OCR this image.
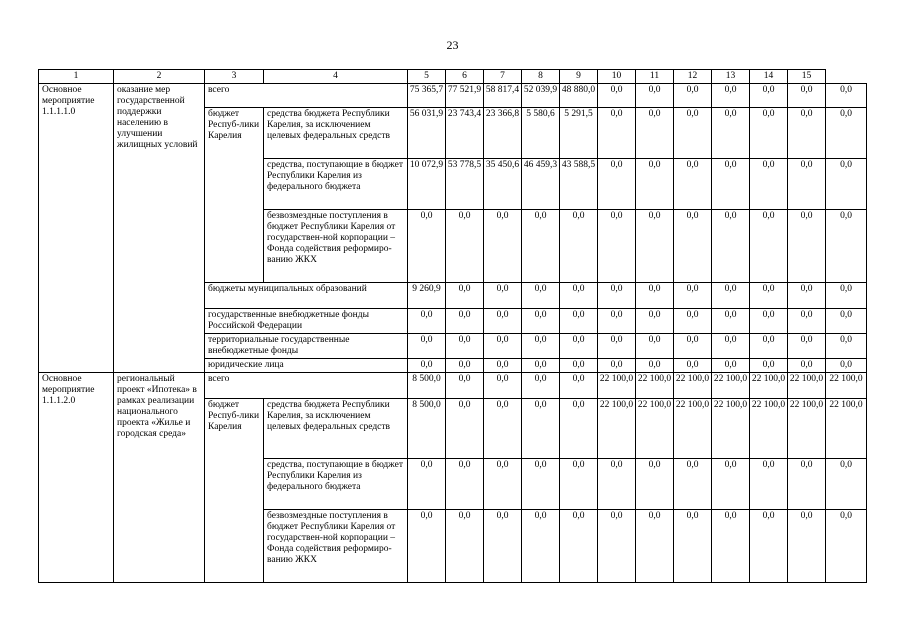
23
1	2	3	4	5	6	7	8	9	10	11	12	13	14	15	
Основное мероприятие 1.1.1.1.0	оказание мер государственной поддержки населению в улучшении жилищных условий	всего		75 365,7	77 521,9	58 817,4	52 039,9	48 880,0	0,0	0,0	0,0	0,0	0,0	0,0	0,0
		бюджет Респуб-лики Карелия	средства бюджета Республики Карелия, за исключением целевых федеральных средств	56 031,9	23 743,4	23 366,8	5 580,6	5 291,5	0,0	0,0	0,0	0,0	0,0	0,0	0,0
			средства, поступающие в бюджет Республики Карелия из федерального бюджета	10 072,9	53 778,5	35 450,6	46 459,3	43 588,5	0,0	0,0	0,0	0,0	0,0	0,0	0,0
			безвозмездные поступления в бюджет Республики Карелия от государствен-ной корпорации – Фонда содействия реформиро-ванию ЖКХ	0,0	0,0	0,0	0,0	0,0	0,0	0,0	0,0	0,0	0,0	0,0	0,0
		бюджеты муниципальных образований		9 260,9	0,0	0,0	0,0	0,0	0,0	0,0	0,0	0,0	0,0	0,0	0,0
		государственные внебюджетные фонды Российской Федерации		0,0	0,0	0,0	0,0	0,0	0,0	0,0	0,0	0,0	0,0	0,0	0,0
		территориальные государственные внебюджетные фонды		0,0	0,0	0,0	0,0	0,0	0,0	0,0	0,0	0,0	0,0	0,0	0,0
		юридические лица		0,0	0,0	0,0	0,0	0,0	0,0	0,0	0,0	0,0	0,0	0,0	0,0
Основное мероприятие 1.1.1.2.0	региональный проект «Ипотека» в рамках реализации национального проекта «Жилье и городская среда»	всего		8 500,0	0,0	0,0	0,0	0,0	22 100,0	22 100,0	22 100,0	22 100,0	22 100,0	22 100,0	22 100,0
		бюджет Респуб-лики Карелия	средства бюджета Республики Карелия, за исключением целевых федеральных средств	8 500,0	0,0	0,0	0,0	0,0	22 100,0	22 100,0	22 100,0	22 100,0	22 100,0	22 100,0	22 100,0
			средства, поступающие в бюджет Республики Карелия из федерального бюджета	0,0	0,0	0,0	0,0	0,0	0,0	0,0	0,0	0,0	0,0	0,0	0,0
			безвозмездные поступления в бюджет Республики Карелия от государствен-ной корпорации – Фонда содействия реформиро-ванию ЖКХ	0,0	0,0	0,0	0,0	0,0	0,0	0,0	0,0	0,0	0,0	0,0	0,0
